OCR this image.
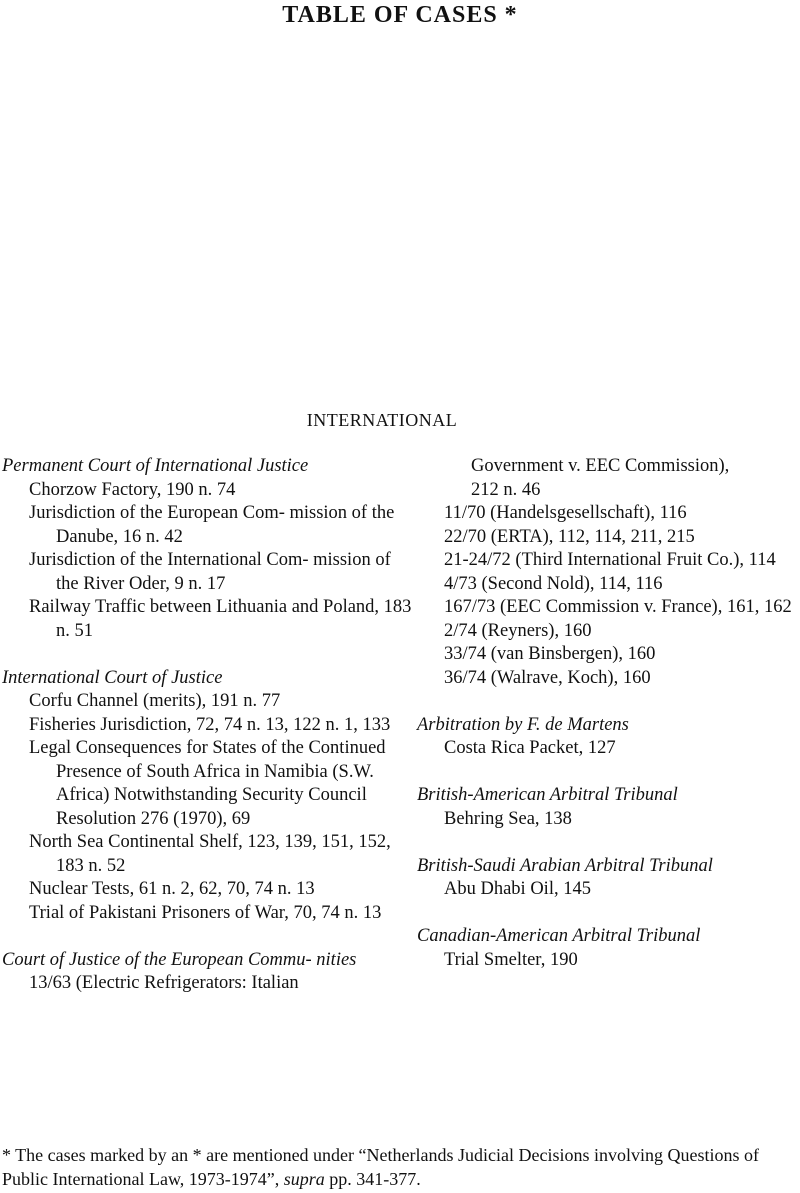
TABLE OF CASES *
INTERNATIONAL
Permanent Court of International Justice
Chorzow Factory, 190 n. 74
Jurisdiction of the European Com- mission of the Danube, 16 n. 42
Jurisdiction of the International Com- mission of the River Oder, 9 n. 17
Railway Traffic between Lithuania and Poland, 183 n. 51
International Court of Justice
Corfu Channel (merits), 191 n. 77
Fisheries Jurisdiction, 72, 74 n. 13, 122 n. 1, 133
Legal Consequences for States of the Continued Presence of South Africa in Namibia (S.W. Africa) Notwithstanding Security Council Resolution 276 (1970), 69
North Sea Continental Shelf, 123, 139, 151, 152, 183 n. 52
Nuclear Tests, 61 n. 2, 62, 70, 74 n. 13
Trial of Pakistani Prisoners of War, 70, 74 n. 13
Court of Justice of the European Commu- nities
13/63 (Electric Refrigerators: Italian
Government v. EEC Commission),
212 n. 46
11/70 (Handelsgesellschaft), 116
22/70 (ERTA), 112, 114, 211, 215
21-24/72 (Third International Fruit Co.), 114
4/73 (Second Nold), 114, 116
167/73 (EEC Commission v. France), 161, 162
2/74 (Reyners), 160
33/74 (van Binsbergen), 160
36/74 (Walrave, Koch), 160
Arbitration by F. de Martens
Costa Rica Packet, 127
British-American Arbitral Tribunal
Behring Sea, 138
British-Saudi Arabian Arbitral Tribunal
Abu Dhabi Oil, 145
Canadian-American Arbitral Tribunal
Trial Smelter, 190
* The cases marked by an * are mentioned under “Netherlands Judicial Decisions involving Questions of Public International Law, 1973-1974”, supra pp. 341-377.
